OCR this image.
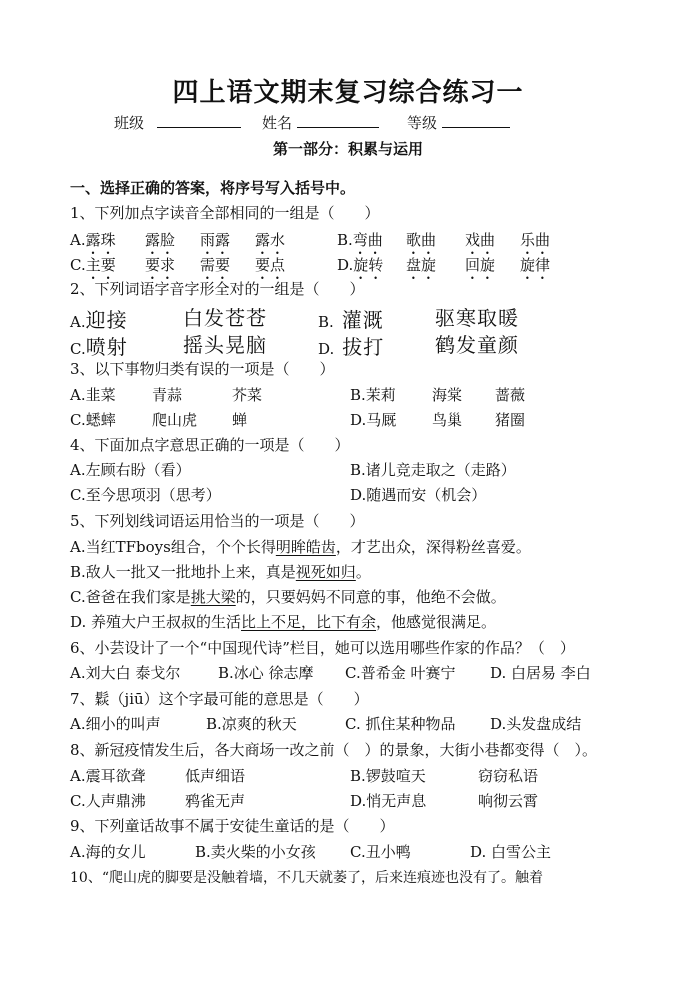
四上语文期末复习综合练习一
班级	姓名	等级
第一部分：积累与运用
一、选择正确的答案，将序号写入括号中。
1、下列加点字读音全部相同的一组是（　　）
A.露珠 露脸 雨露 露水	B.弯曲 歌曲 戏曲 乐曲
C.主要 要求 需要 要点	D.旋转 盘旋 回旋 旋律
2、下列词语字音字形全对的一组是（　　）
A.迎接	白发苍苍	B. 灌溉	驱寒取暖
C.喷射	摇头晃脑	D. 拔打	鹤发童颜
3、以下事物归类有误的一项是（　　）
A.韭菜 青蒜	芥菜	B.茉莉 海棠 蔷薇
C.蟋蟀 爬山虎 蝉	D.马厩 鸟巢 猪圈
4、下面加点字意思正确的一项是（　　）
A.左顾右盼（看）	B.诸儿竞走取之（走路）
C.至今思项羽（思考）	D.随遇而安（机会）
5、下列划线词语运用恰当的一项是（　　）
A.当红TFboys组合，个个长得明眸皓齿，才艺出众，深得粉丝喜爱。
B.敌人一批又一批地扑上来，真是视死如归。
C.爸爸在我们家是挑大梁的，只要妈妈不同意的事，他绝不会做。
D. 养殖大户王叔叔的生活比上不足，比下有余，他感觉很满足。
6、小芸设计了一个“中国现代诗”栏目，她可以选用哪些作家的作品？（　）
A.刘大白 泰戈尔	B.冰心 徐志摩 C.普希金 叶赛宁 D. 白居易 李白
7、鬏（jiū）这个字最可能的意思是（　　）
A.细小的叫声	B.凉爽的秋天	C. 抓住某种物品 D.头发盘成结
8、新冠疫情发生后，各大商场一改之前（　）的景象，大街小巷都变得（　）。
A.震耳欲聋	低声细语	B.锣鼓喧天	窃窃私语
C.人声鼎沸	鸦雀无声	D.悄无声息	响彻云霄
9、下列童话故事不属于安徒生童话的是（　　）
A.海的女儿	B.卖火柴的小女孩 C.丑小鸭	D. 白雪公主
10、“爬山虎的脚要是没触着墙，不几天就萎了，后来连痕迹也没有了。触着
